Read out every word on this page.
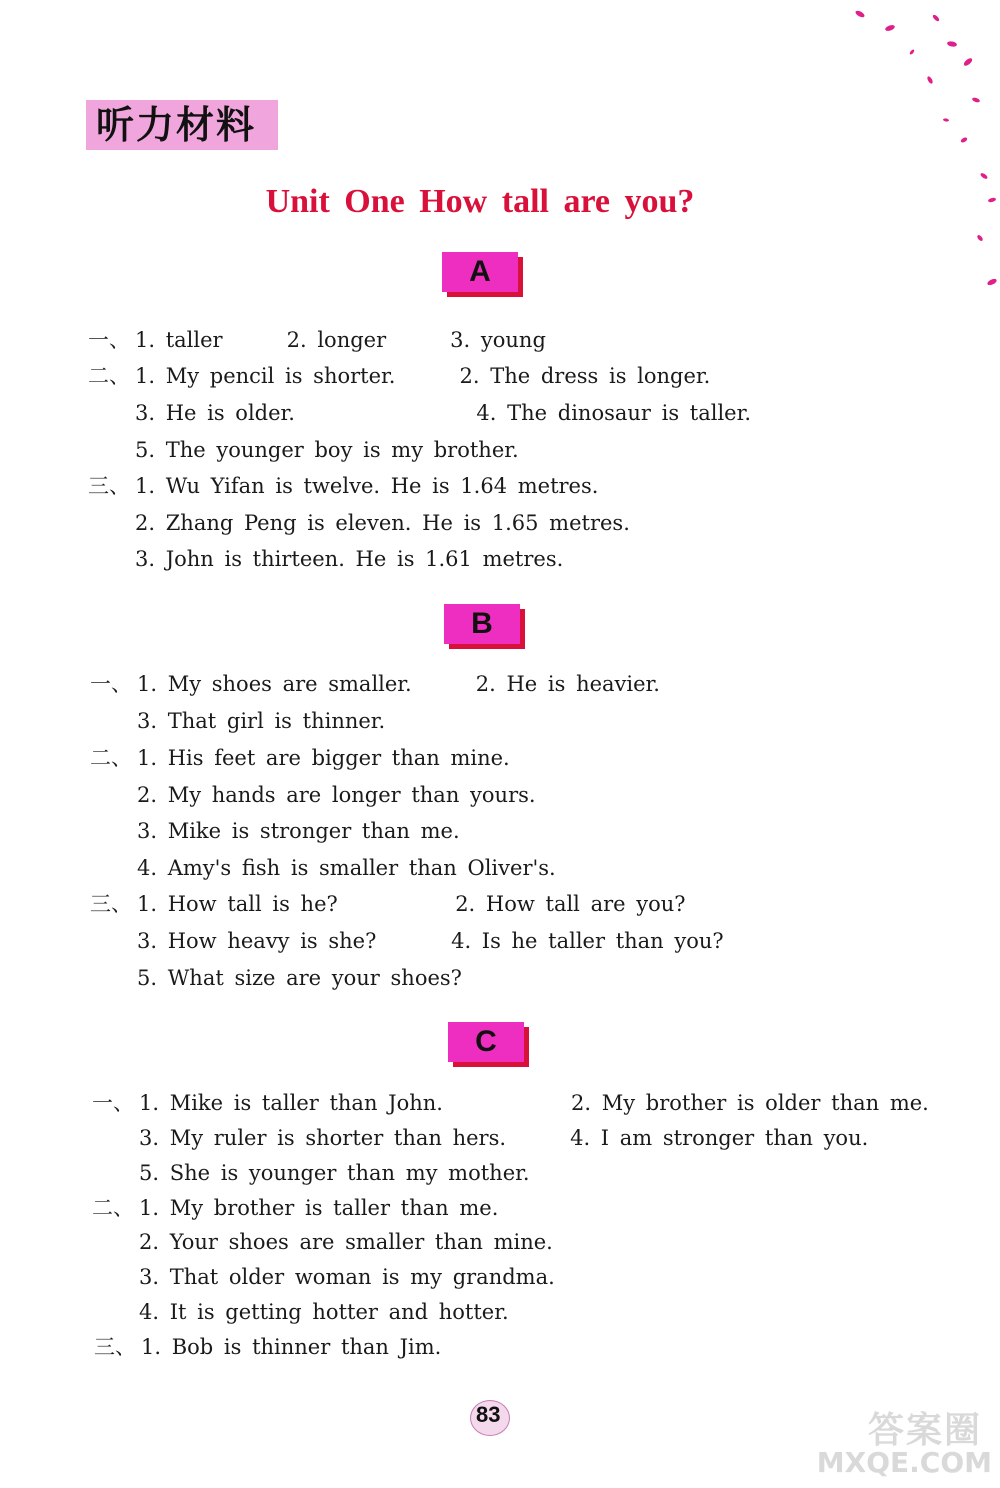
听力材料
Unit One How tall are you?
A
一、 1. taller      2. longer      3. young
二、 1. My pencil is shorter.      2. The dress is longer.
3. He is older.                 4. The dinosaur is taller.
5. The younger boy is my brother.
三、 1. Wu Yifan is twelve. He is 1.64 metres.
2. Zhang Peng is eleven. He is 1.65 metres.
3. John is thirteen. He is 1.61 metres.
B
一、 1. My shoes are smaller.      2. He is heavier.
3. That girl is thinner.
二、 1. His feet are bigger than mine.
2. My hands are longer than yours.
3. Mike is stronger than me.
4. Amy's fish is smaller than Oliver's.
三、 1. How tall is he?           2. How tall are you?
3. How heavy is she?       4. Is he taller than you?
5. What size are your shoes?
C
一、 1. Mike is taller than John.            2. My brother is older than me.
3. My ruler is shorter than hers.      4. I am stronger than you.
5. She is younger than my mother.
二、 1. My brother is taller than me.
2. Your shoes are smaller than mine.
3. That older woman is my grandma.
4. It is getting hotter and hotter.
三、 1. Bob is thinner than Jim.
83	答案圈
MXQE.COM
